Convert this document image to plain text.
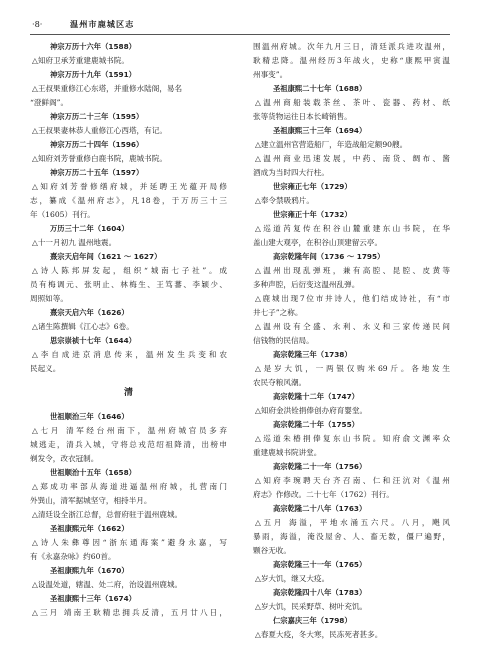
·8·	温州市鹿城区志
神宗万历十六年（1588）
△知府卫承芳重建鹿城书院。
神宗万历十九年（1591）
△王叔果重修江心东塔，并重修水陆阁，易名
“澄鲜阁”。
神宗万历二十三年（1595）
△王叔果妻林恭人重修江心西塔，有记。
神宗万历二十四年（1596）
△知府刘芳誉重修白鹿书院，鹿城书院。
神宗万历二十五年（1597）
△知府刘芳誉修缮府城，并延聘王光蕴开局修
志，纂成《温州府志》，凡18卷，于万历三十三
年（1605）刊行。
万历三十二年（1604）
△十一月初九 温州地震。
熹宗天启年间（1621 ～ 1627）
△诗人陈邦屏发起，组织“城南七子社”。成
员有梅调元、张明止、林梅生、王笃蕃、李颖少、
周照如等。
熹宗天启六年（1626）
△诸生陈撰辑《江心志》6卷。
思宗崇祯十七年（1644）
△李自成进京消息传来，温州发生兵变和农
民起义。
清
世祖顺治三年（1646）
△七月 清军经台州南下，温州府城官员多弃
城逃走，清兵入城，守将总戎范绍祖降清，出榜申
剃发令，改衣冠制。
世祖顺治十五年（1658）
△郑成功率部从海道进逼温州府城，扎营南门
外巽山，清军据城坚守，相持半月。
△清廷设全浙江总督，总督府驻于温州鹿城。
圣祖康熙元年（1662）
△诗人朱彝尊因“浙东通海案”避身永嘉，写
有《永嘉杂咏》约60首。
圣祖康熙九年（1670）
△设温处道，辖温、处二府，治设温州鹿城。
圣祖康熙十三年（1674）
△三月 靖南王耿精忠拥兵反清，五月廿八日，
围温州府城。次年九月三日，清廷派兵进攻温州，
耿精忠降。温州经历3年战火，史称“康熙甲寅温
州事变”。
圣祖康熙二十七年（1688）
△温州商船装载茶丝、茶叶、瓷器、药材、纸
张等货物运往日本长崎销售。
圣祖康熙三十三年（1694）
△建立温州官营造船厂，年造战船定额90艘。
△温州商业迅速发展，中药、南货、绸布、酱
酒成为当时四大行柱。
世宗雍正七年（1729）
△奉令禁吸鸦片。
世宗雍正十年（1732）
△巡道芮复传在积谷山麓重建东山书院，在华
盖山建大观亭，在积谷山顶建留云亭。
高宗乾隆年间（1736 ～ 1795）
△温州出现乱弹班，兼有高腔、昆腔、皮黄等
多种声腔，后衍变这温州乱弹。
△鹿城出现7位市井诗人，他们结成诗社，有“市
井七子”之称。
△温州设有仝盛、永利、永义和三家传递民间
信钱物的民信局。
高宗乾隆三年（1738）
△是岁大饥，一两银仅购米69斤。各地发生
农民夺粮风潮。
高宗乾隆十二年（1747）
△知府金洪铨捐俸创办府育婴堂。
高宗乾隆二十年（1755）
△巡道朱椿捐俸复东山书院。知府俞文渊率众
重建鹿城书院讲堂。
高宗乾隆二十一年（1756）
△知府李琬聘天台齐召南、仁和汪沆对《温州
府志》作修改。二十七年（1762）刊行。
高宗乾隆二十八年（1763）
△五月 海溢，平地水涌五六尺。八月，飓风
暴雨，海溢，淹没屋舍、人、畜无数，僵尸遍野，
颗谷无收。
高宗乾隆三十一年（1765）
△岁大饥，继又大疫。
高宗乾隆四十八年（1783）
△岁大饥，民采野草、树叶充饥。
仁宗嘉庆三年（1798）
△春夏大疫，冬大寒，民冻死者甚多。
